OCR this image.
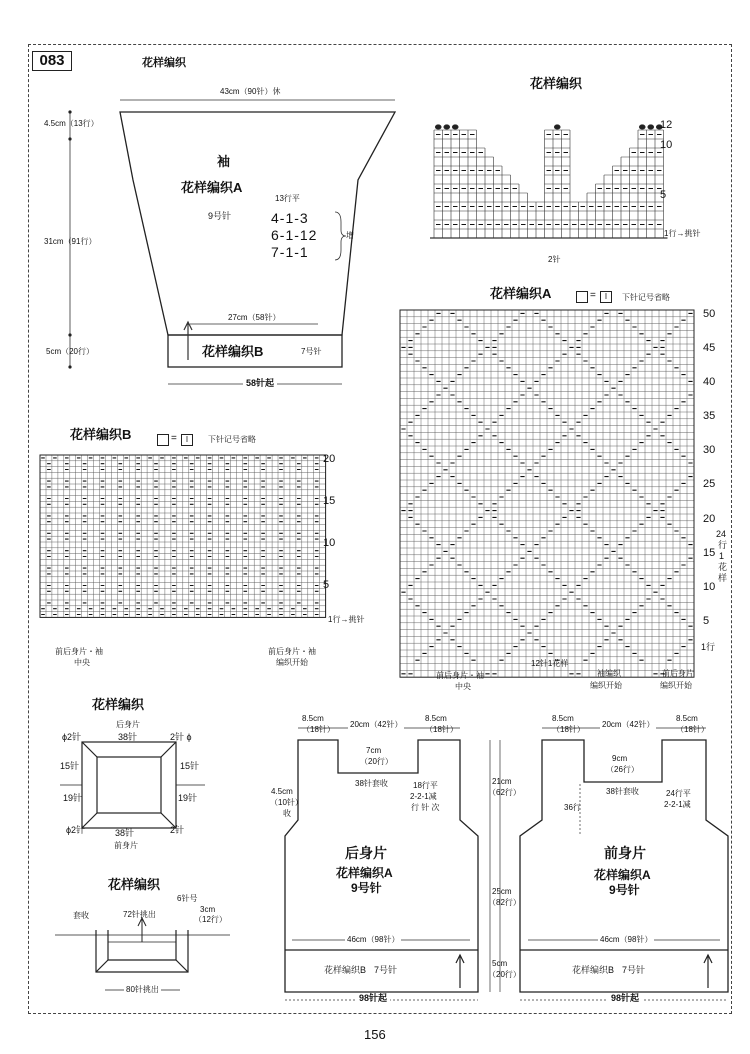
083	花样编织
43cm（90针）休
4.5cm（13行）
31cm（91行）
5cm（20行）
袖
花样编织A
9号针
13行平
4-1-3
6-1-12
7-1-1
增
27cm（58针）
花样编织B	7号针
58针起
花样编织
12
10
5
1行→挑针
2针
花样编织A	=	I	下针记号省略
50
45
40
35
30
25
20
15
10
5
1行
24
行
1
花
样
12针1花样
前后身片・袖
中央
袖编织
编织开始
前后身片
编织开始
花样编织B	=	I	下针记号省略
20
15
10
5
1行→挑针
前后身片・袖
中央
前后身片・袖
编织开始
花样编织
后身片
38针
ϕ2针	2针 ϕ
15针	15针
19针	19针
ϕ2针	2针
38针
前身片
花样编织
6针号
套收	72针挑出
3cm
（12行）
80针挑出
8.5cm
（18针）
20cm（42针）
8.5cm
（18针）
7cm
（20行）
38针套收	18行平
2-2-1减
行 针 次
4.5cm
（10针）
收
21cm
（62行）
25cm
（82行）
5cm
（20行）
后身片
花样编织A
9号针
46cm（98针）
花样编织B 7号针
98针起
8.5cm
（18针）
20cm（42针）
8.5cm
（18针）
9cm
（26行）
38针套收	24行平
2-2-1减
36行
前身片
花样编织A
9号针
46cm（98针）
花样编织B 7号针
98针起
156
